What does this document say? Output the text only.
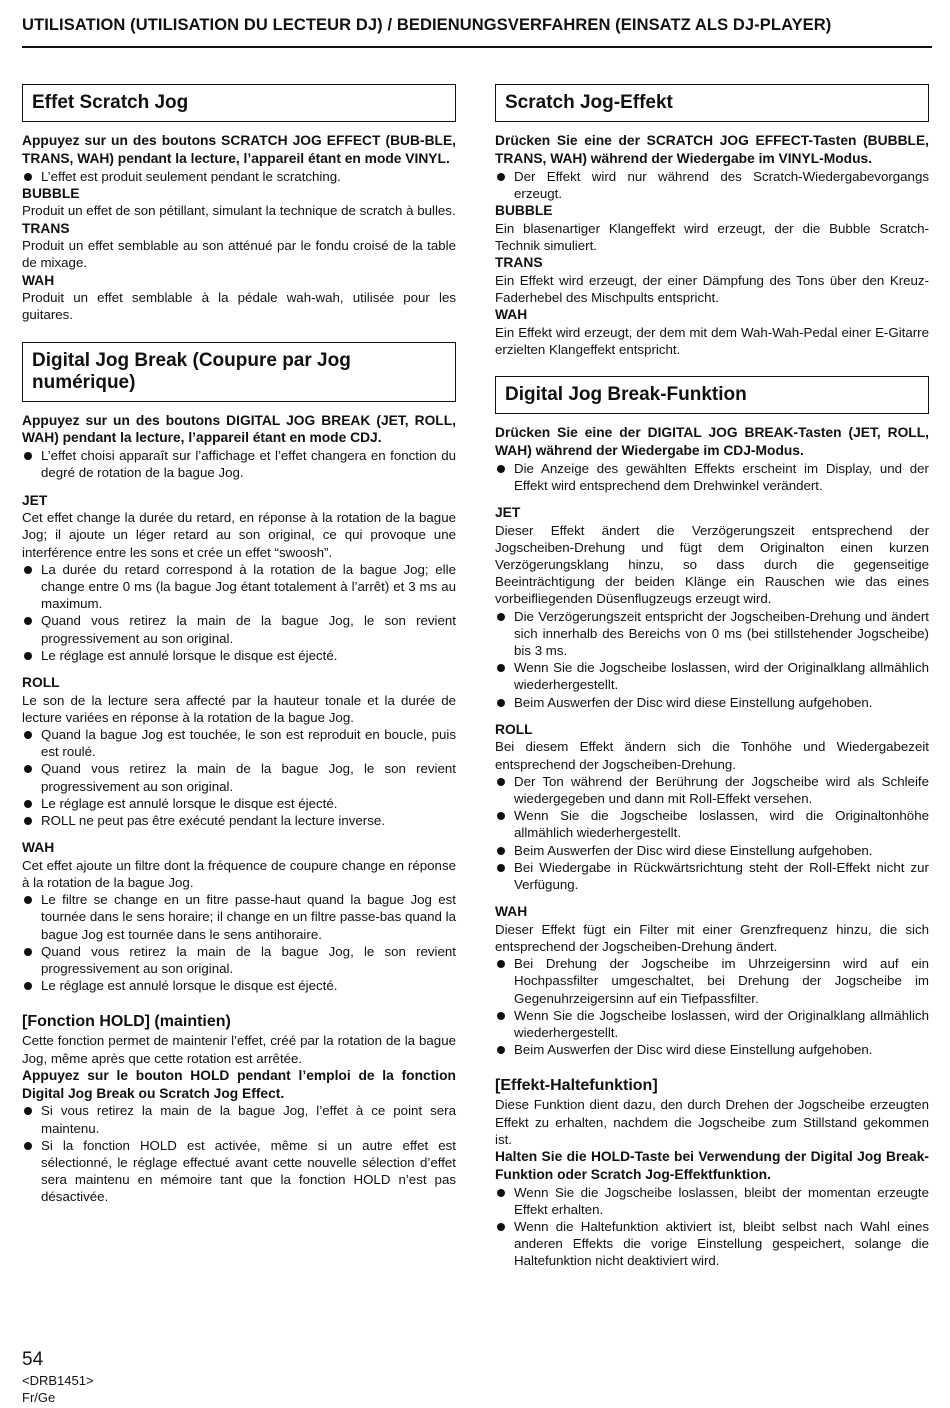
UTILISATION (UTILISATION DU LECTEUR DJ) / BEDIENUNGSVERFAHREN (EINSATZ ALS DJ-PLAYER)
Effet Scratch Jog

Appuyez sur un des boutons SCRATCH JOG EFFECT (BUB-BLE, TRANS, WAH) pendant la lecture, l’appareil étant en mode VINYL.

L’effet est produit seulement pendant le scratching.

BUBBLE

Produit un effet de son pétillant, simulant la technique de scratch à bulles.

TRANS

Produit un effet semblable au son atténué par le fondu croisé de la table de mixage.

WAH

Produit un effet semblable à la pédale wah-wah, utilisée pour les guitares.

Digital Jog Break (Coupure par Jog numérique)

Appuyez sur un des boutons DIGITAL JOG BREAK (JET, ROLL, WAH) pendant la lecture, l’appareil étant en mode CDJ.

L’effet choisi apparaît sur l’affichage et l’effet changera en fonction du degré de rotation de la bague Jog.

JET

Cet effet change la durée du retard, en réponse à la rotation de la bague Jog; il ajoute un léger retard au son original, ce qui provoque une interférence entre les sons et crée un effet “swoosh”.

La durée du retard correspond à la rotation de la bague Jog; elle change entre 0 ms (la bague Jog étant totalement à l’arrêt) et 3 ms au maximum.
Quand vous retirez la main de la bague Jog, le son revient progressivement au son original.
Le réglage est annulé lorsque le disque est éjecté.

ROLL

Le son de la lecture sera affecté par la hauteur tonale et la durée de lecture variées en réponse à la rotation de la bague Jog.

Quand la bague Jog est touchée, le son est reproduit en boucle, puis est roulé.
Quand vous retirez la main de la bague Jog, le son revient progressivement au son original.
Le réglage est annulé lorsque le disque est éjecté.
ROLL ne peut pas être exécuté pendant la lecture inverse.

WAH

Cet effet ajoute un filtre dont la fréquence de coupure change en réponse à la rotation de la bague Jog.

Le filtre se change en un fitre passe-haut quand la bague Jog est tournée dans le sens horaire; il change en un filtre passe-bas quand la bague Jog est tournée dans le sens antihoraire.
Quand vous retirez la main de la bague Jog, le son revient progressivement au son original.
Le réglage est annulé lorsque le disque est éjecté.

[Fonction HOLD] (maintien)

Cette fonction permet de maintenir l’effet, créé par la rotation de la bague Jog, même après que cette rotation est arrêtée.

Appuyez sur le bouton HOLD pendant l’emploi de la fonction Digital Jog Break ou Scratch Jog Effect.

Si vous retirez la main de la bague Jog, l’effet à ce point sera maintenu.
Si la fonction HOLD est activée, même si un autre effet est sélectionné, le réglage effectué avant cette nouvelle sélection d’effet sera maintenu en mémoire tant que la fonction HOLD n’est pas désactivée.
Scratch Jog-Effekt

Drücken Sie eine der SCRATCH JOG EFFECT-Tasten (BUBBLE, TRANS, WAH) während der Wiedergabe im VINYL-Modus.

Der Effekt wird nur während des Scratch-Wiedergabevorgangs erzeugt.

BUBBLE

Ein blasenartiger Klangeffekt wird erzeugt, der die Bubble Scratch-Technik simuliert.

TRANS

Ein Effekt wird erzeugt, der einer Dämpfung des Tons über den Kreuz-Faderhebel des Mischpults entspricht.

WAH

Ein Effekt wird erzeugt, der dem mit dem Wah-Wah-Pedal einer E-Gitarre erzielten Klangeffekt entspricht.

Digital Jog Break-Funktion

Drücken Sie eine der DIGITAL JOG BREAK-Tasten (JET, ROLL, WAH) während der Wiedergabe im CDJ-Modus.

Die Anzeige des gewählten Effekts erscheint im Display, und der Effekt wird entsprechend dem Drehwinkel verändert.

JET

Dieser Effekt ändert die Verzögerungszeit entsprechend der Jogscheiben-Drehung und fügt dem Originalton einen kurzen Verzögerungsklang hinzu, so dass durch die gegenseitige Beeinträchtigung der beiden Klänge ein Rauschen wie das eines vorbeifliegenden Düsenflugzeugs erzeugt wird.

Die Verzögerungszeit entspricht der Jogscheiben-Drehung und ändert sich innerhalb des Bereichs von 0 ms (bei stillstehender Jogscheibe) bis 3 ms.
Wenn Sie die Jogscheibe loslassen, wird der Originalklang allmählich wiederhergestellt.
Beim Auswerfen der Disc wird diese Einstellung aufgehoben.

ROLL

Bei diesem Effekt ändern sich die Tonhöhe und Wiedergabezeit entsprechend der Jogscheiben-Drehung.

Der Ton während der Berührung der Jogscheibe wird als Schleife wiedergegeben und dann mit Roll-Effekt versehen.
Wenn Sie die Jogscheibe loslassen, wird die Originaltonhöhe allmählich wiederhergestellt.
Beim Auswerfen der Disc wird diese Einstellung aufgehoben.
Bei Wiedergabe in Rückwärtsrichtung steht der Roll-Effekt nicht zur Verfügung.

WAH

Dieser Effekt fügt ein Filter mit einer Grenzfrequenz hinzu, die sich entsprechend der Jogscheiben-Drehung ändert.

Bei Drehung der Jogscheibe im Uhrzeigersinn wird auf ein Hochpassfilter umgeschaltet, bei Drehung der Jogscheibe im Gegenuhrzeigersinn auf ein Tiefpassfilter.
Wenn Sie die Jogscheibe loslassen, wird der Originalklang allmählich wiederhergestellt.
Beim Auswerfen der Disc wird diese Einstellung aufgehoben.

[Effekt-Haltefunktion]

Diese Funktion dient dazu, den durch Drehen der Jogscheibe erzeugten Effekt zu erhalten, nachdem die Jogscheibe zum Stillstand gekommen ist.

Halten Sie die HOLD-Taste bei Verwendung der Digital Jog Break-Funktion oder Scratch Jog-Effektfunktion.

Wenn Sie die Jogscheibe loslassen, bleibt der momentan erzeugte Effekt erhalten.
Wenn die Haltefunktion aktiviert ist, bleibt selbst nach Wahl eines anderen Effekts die vorige Einstellung gespeichert, solange die Haltefunktion nicht deaktiviert wird.
54
<DRB1451>
Fr/Ge
